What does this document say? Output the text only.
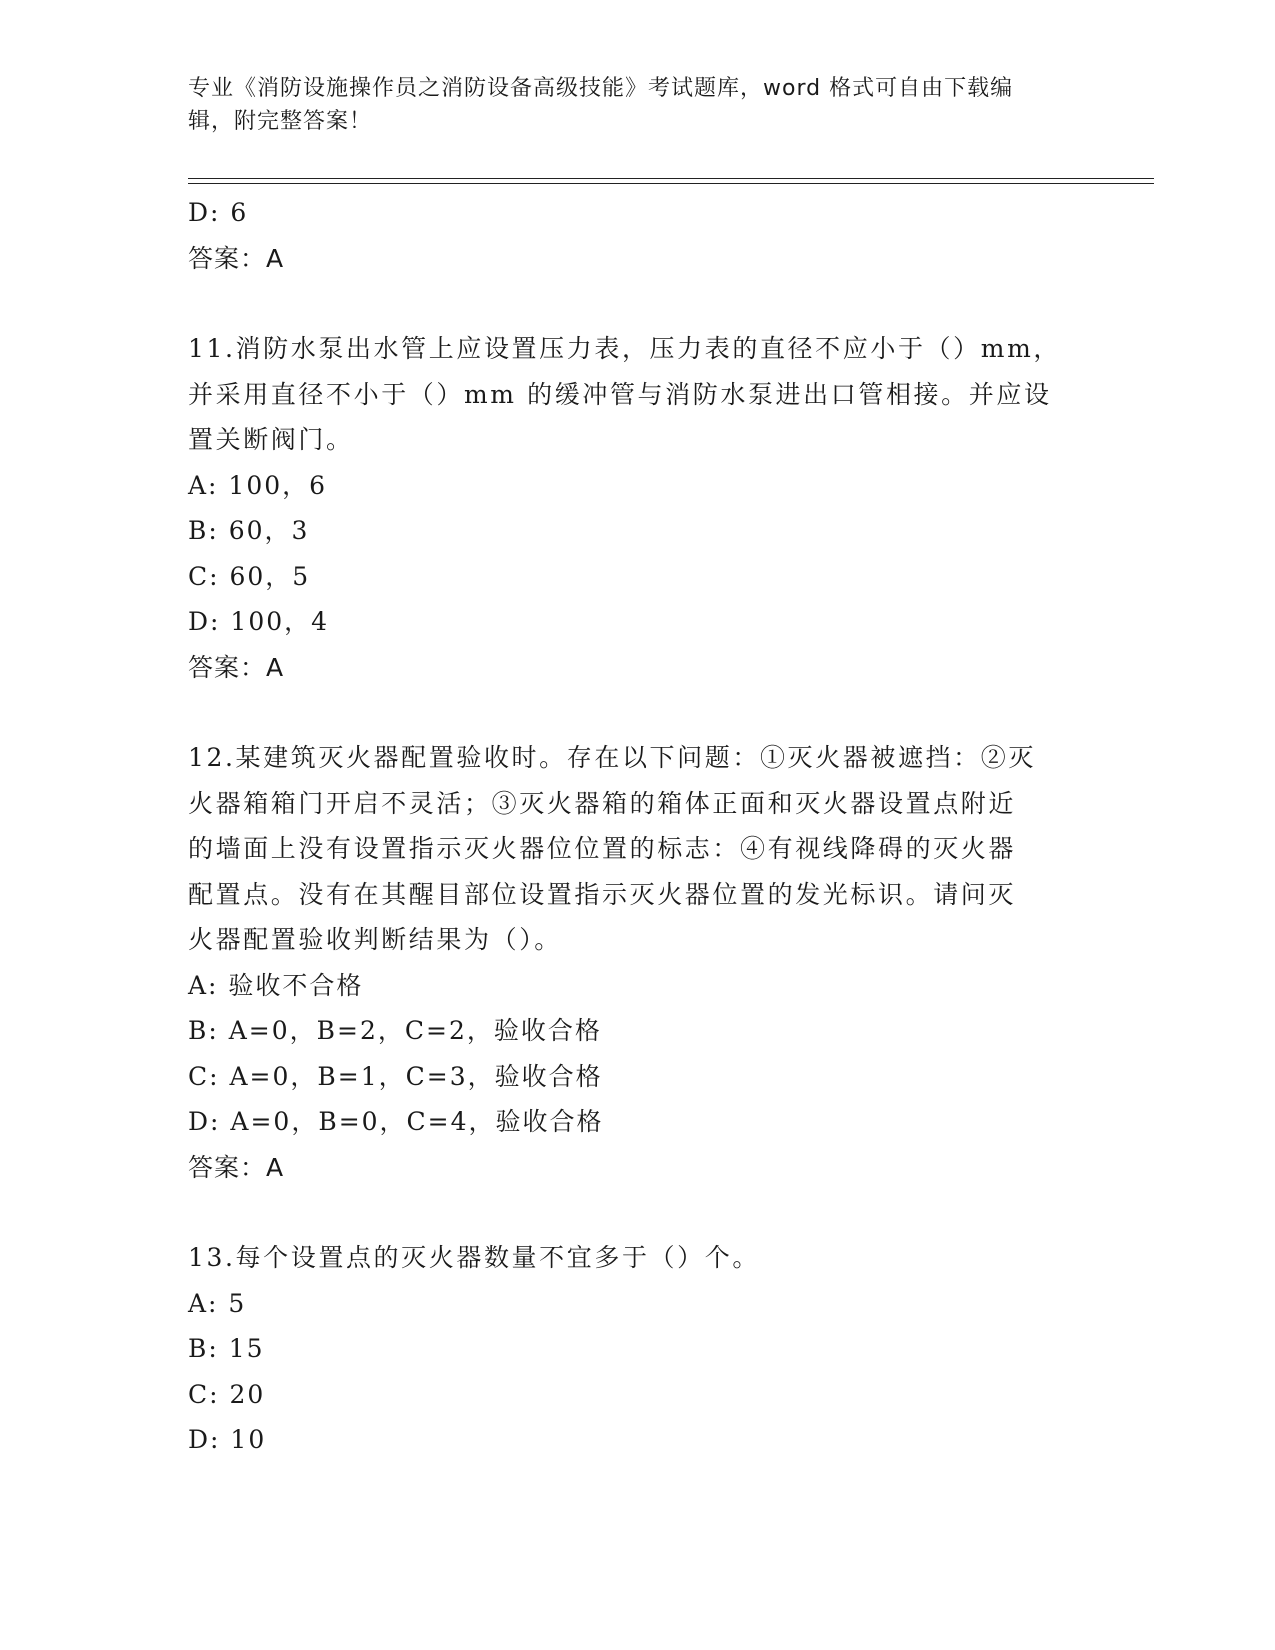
专业《消防设施操作员之消防设备高级技能》考试题库，word 格式可自由下载编
辑，附完整答案！
D: 6
答案：A
11.消防水泵出水管上应设置压力表，压力表的直径不应小于（）mm，
并采用直径不小于（）mm 的缓冲管与消防水泵进出口管相接。并应设
置关断阀门。
A: 100，6
B: 60，3
C: 60，5
D: 100，4
答案：A
12.某建筑灭火器配置验收时。存在以下问题：①灭火器被遮挡：②灭
火器箱箱门开启不灵活；③灭火器箱的箱体正面和灭火器设置点附近
的墙面上没有设置指示灭火器位位置的标志：④有视线降碍的灭火器
配置点。没有在其醒目部位设置指示灭火器位置的发光标识。请问灭
火器配置验收判断结果为（）。
A: 验收不合格
B: A=0，B=2，C=2，验收合格
C: A=0，B=1，C=3，验收合格
D: A=0，B=0，C=4，验收合格
答案：A
13.每个设置点的灭火器数量不宜多于（）个。
A: 5
B: 15
C: 20
D: 10
